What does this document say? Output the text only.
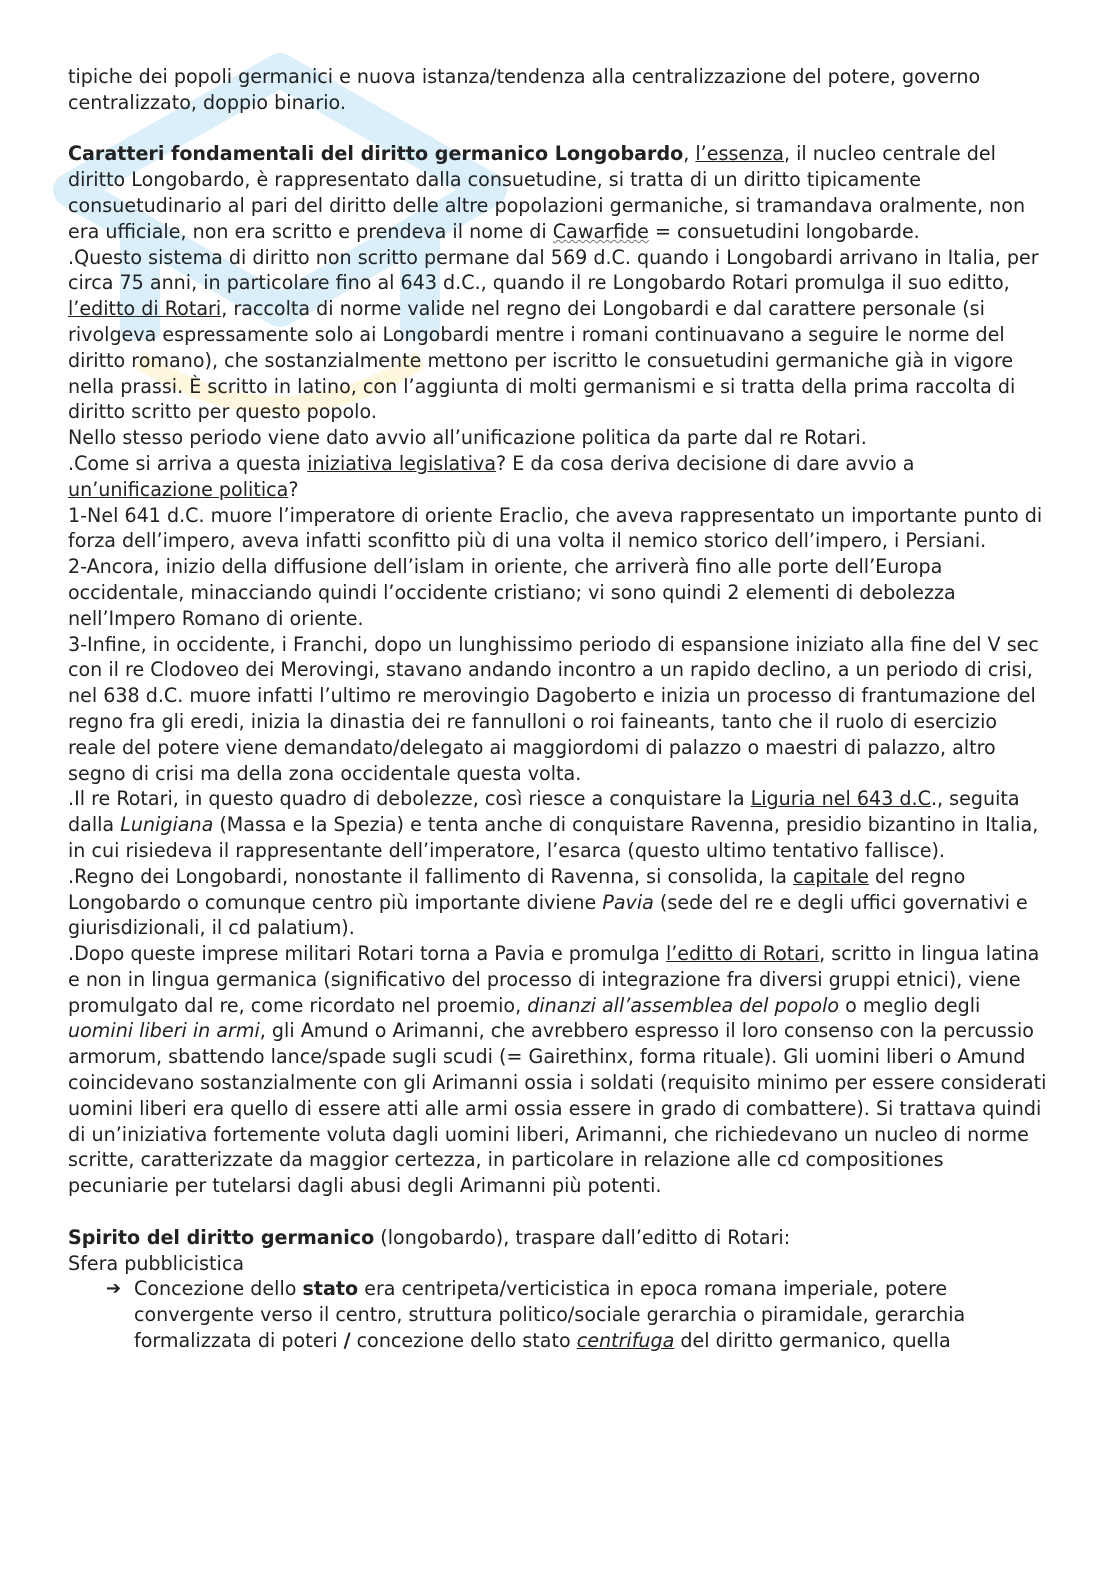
tipiche dei popoli germanici e nuova istanza/tendenza alla centralizzazione del potere, governo centralizzato, doppio binario.

Caratteri fondamentali del diritto germanico Longobardo, l’essenza, il nucleo centrale del diritto Longobardo, è rappresentato dalla consuetudine, si tratta di un diritto tipicamente consuetudinario al pari del diritto delle altre popolazioni germaniche, si tramandava oralmente, non era ufficiale, non era scritto e prendeva il nome di Cawarfide = consuetudini longobarde.

.Questo sistema di diritto non scritto permane dal 569 d.C. quando i Longobardi arrivano in Italia, per circa 75 anni, in particolare fino al 643 d.C., quando il re Longobardo Rotari promulga il suo editto, l’editto di Rotari, raccolta di norme valide nel regno dei Longobardi e dal carattere personale (si rivolgeva espressamente solo ai Longobardi mentre i romani continuavano a seguire le norme del diritto romano), che sostanzialmente mettono per iscritto le consuetudini germaniche già in vigore nella prassi. È scritto in latino, con l’aggiunta di molti germanismi e si tratta della prima raccolta di diritto scritto per questo popolo.

Nello stesso periodo viene dato avvio all’unificazione politica da parte dal re Rotari.

.Come si arriva a questa iniziativa legislativa? E da cosa deriva decisione di dare avvio a un’unificazione politica?

1-Nel 641 d.C. muore l’imperatore di oriente Eraclio, che aveva rappresentato un importante punto di forza dell’impero, aveva infatti sconfitto più di una volta il nemico storico dell’impero, i Persiani.

2-Ancora, inizio della diffusione dell’islam in oriente, che arriverà fino alle porte dell’Europa occidentale, minacciando quindi l’occidente cristiano; vi sono quindi 2 elementi di debolezza nell’Impero Romano di oriente.

3-Infine, in occidente, i Franchi, dopo un lunghissimo periodo di espansione iniziato alla fine del V sec con il re Clodoveo dei Merovingi, stavano andando incontro a un rapido declino, a un periodo di crisi, nel 638 d.C. muore infatti l’ultimo re merovingio Dagoberto e inizia un processo di frantumazione del regno fra gli eredi, inizia la dinastia dei re fannulloni o roi faineants, tanto che il ruolo di esercizio reale del potere viene demandato/delegato ai maggiordomi di palazzo o maestri di palazzo, altro segno di crisi ma della zona occidentale questa volta.

.Il re Rotari, in questo quadro di debolezze, così riesce a conquistare la Liguria nel 643 d.C., seguita dalla Lunigiana (Massa e la Spezia) e tenta anche di conquistare Ravenna, presidio bizantino in Italia, in cui risiedeva il rappresentante dell’imperatore, l’esarca (questo ultimo tentativo fallisce).

.Regno dei Longobardi, nonostante il fallimento di Ravenna, si consolida, la capitale del regno Longobardo o comunque centro più importante diviene Pavia (sede del re e degli uffici governativi e giurisdizionali, il cd palatium).

.Dopo queste imprese militari Rotari torna a Pavia e promulga l’editto di Rotari, scritto in lingua latina e non in lingua germanica (significativo del processo di integrazione fra diversi gruppi etnici), viene promulgato dal re, come ricordato nel proemio, dinanzi all’assemblea del popolo o meglio degli uomini liberi in armi, gli Amund o Arimanni, che avrebbero espresso il loro consenso con la percussio armorum, sbattendo lance/spade sugli scudi (= Gairethinx, forma rituale). Gli uomini liberi o Amund coincidevano sostanzialmente con gli Arimanni ossia i soldati (requisito minimo per essere considerati uomini liberi era quello di essere atti alle armi ossia essere in grado di combattere). Si trattava quindi di un’iniziativa fortemente voluta dagli uomini liberi, Arimanni, che richiedevano un nucleo di norme scritte, caratterizzate da maggior certezza, in particolare in relazione alle cd compositiones pecuniarie per tutelarsi dagli abusi degli Arimanni più potenti.

Spirito del diritto germanico (longobardo), traspare dall’editto di Rotari:

Sfera pubblicistica

➔ Concezione dello stato era centripeta/verticistica in epoca romana imperiale, potere convergente verso il centro, struttura politico/sociale gerarchia o piramidale, gerarchia formalizzata di poteri / concezione dello stato centrifuga del diritto germanico, quella
